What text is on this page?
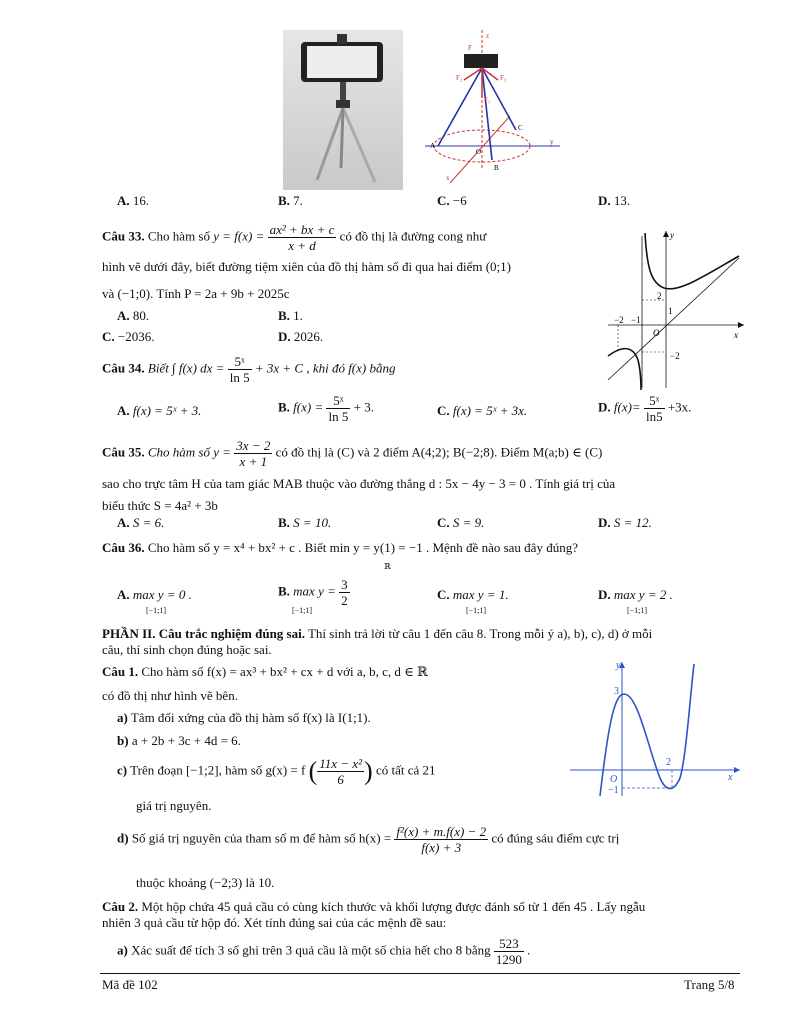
z
F
F₁
F₂	F₃
A
O
B
C
y
x
A. 16.	B. 7.	C. −6	D. 13.
Câu 33. Cho hàm số $y = f(x) = \frac{\text{ax² + bx + c}}{x + d}$ có đồ thị là đường cong như
hình vẽ dưới đây, biết đường tiệm xiên của đồ thị hàm số đi qua hai điểm (0;1)
và (−1;0). Tính P = 2a + 9b + 2025c
A. 80.	B. 1.
C. −2036.	D. 2026.
y
x
O
2
1
−2 −1
−2
Câu 34. Biết ∫ f(x) dx = $\frac{\text{5ˣ}}{\ln 5} + 3x + C$ , khi đó f(x) bằng
A. f(x) = 5ˣ + 3.	B. $f(x) = \frac{\text{5ˣ}}{\ln 5} + 3$.	C. f(x) = 5ˣ + 3x.	D. $f(x)= \frac{\text{5ˣ}}{\ln 5} +3x$.
Câu 35. Cho hàm số $y = \frac{3x - 2}{x + 1}$ có đồ thị là (C) và 2 điểm A(4;2); B(−2;8). Điểm M(a;b) ∈ (C)
sao cho trực tâm H của tam giác MAB thuộc vào đường thẳng d : 5x − 4y − 3 = 0 . Tính giá trị của
biểu thức S = 4a² + 3b
A. S = 6.	B. S = 10.	C. S = 9.	D. S = 12.
Câu 36. Cho hàm số y = x⁴ + bx² + c . Biết min y = y(1) = −1 . Mệnh đề nào sau đây đúng?
ℝ
A. max y = 0 .
[−1;1]
B. $\max y = \frac{3}{2}$
[−1;1]
C. max y = 1.
[−1;1]
D. max y = 2 .
[−1;1]
PHẦN II. Câu trắc nghiệm đúng sai. Thí sinh trả lời từ câu 1 đến câu 8. Trong mỗi ý a), b), c), d) ở mỗi
câu, thí sinh chọn đúng hoặc sai.
Câu 1. Cho hàm số f(x) = ax³ + bx² + cx + d với a, b, c, d ∈ ℝ
có đồ thị như hình vẽ bên.
a) Tâm đối xứng của đồ thị hàm số f(x) là I(1;1).
b) a + 2b + 3c + 4d = 6.
c) Trên đoạn [−1;2], hàm số g(x) = f ( $\frac{\text{11x − x²}}{6}$ ) có tất cả 21
giá trị nguyên.
d) Số giá trị nguyên của tham số m để hàm số $h(x) = \frac{\text{f²(x) + m.f(x) − 2}}{f(x) + 3}$ có đúng sáu điểm cực trị
thuộc khoảng (−2;3) là 10.
y
x
O
3
2
−1
Câu 2. Một hộp chứa 45 quả cầu có cùng kích thước và khối lượng được đánh số từ 1 đến 45 . Lấy ngẫu
nhiên 3 quả cầu từ hộp đó. Xét tính đúng sai của các mệnh đề sau:
a) Xác suất để tích 3 số ghi trên 3 quả cầu là một số chia hết cho 8 bằng $\frac{523}{1290}$ .
Mã đề 102	Trang 5/8
